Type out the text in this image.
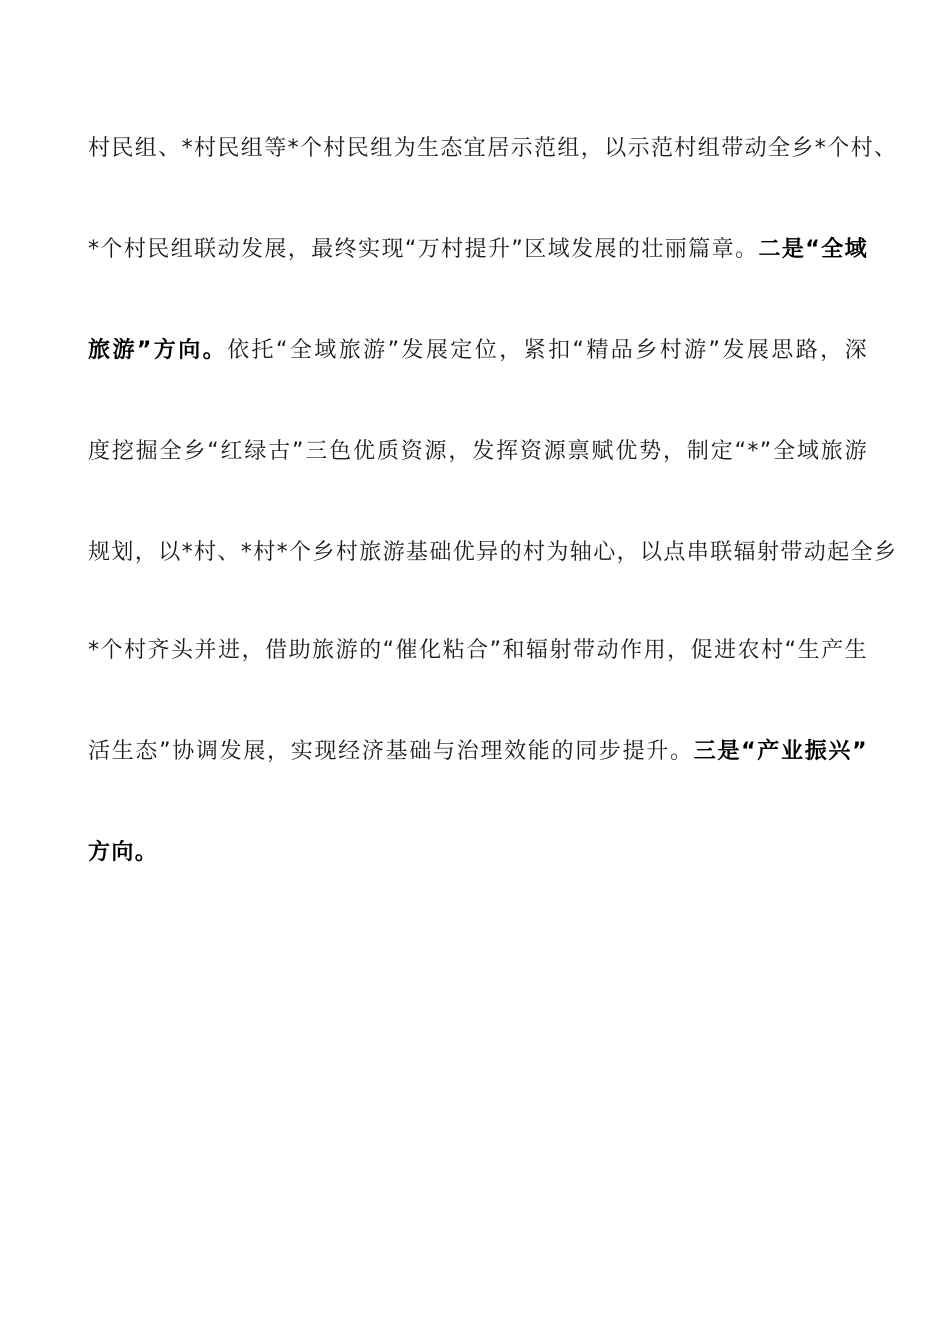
村民组、*村民组等*个村民组为生态宜居示范组，以示范村组带动全乡*个村、
*个村民组联动发展，最终实现“万村提升”区域发展的壮丽篇章。二是“全域
旅游”方向。依托“全域旅游”发展定位，紧扣“精品乡村游”发展思路，深
度挖掘全乡“红绿古”三色优质资源，发挥资源禀赋优势，制定“*”全域旅游
规划，以*村、*村*个乡村旅游基础优异的村为轴心，以点串联辐射带动起全乡
*个村齐头并进，借助旅游的“催化粘合”和辐射带动作用，促进农村“生产生
活生态”协调发展，实现经济基础与治理效能的同步提升。三是“产业振兴”
方向。
